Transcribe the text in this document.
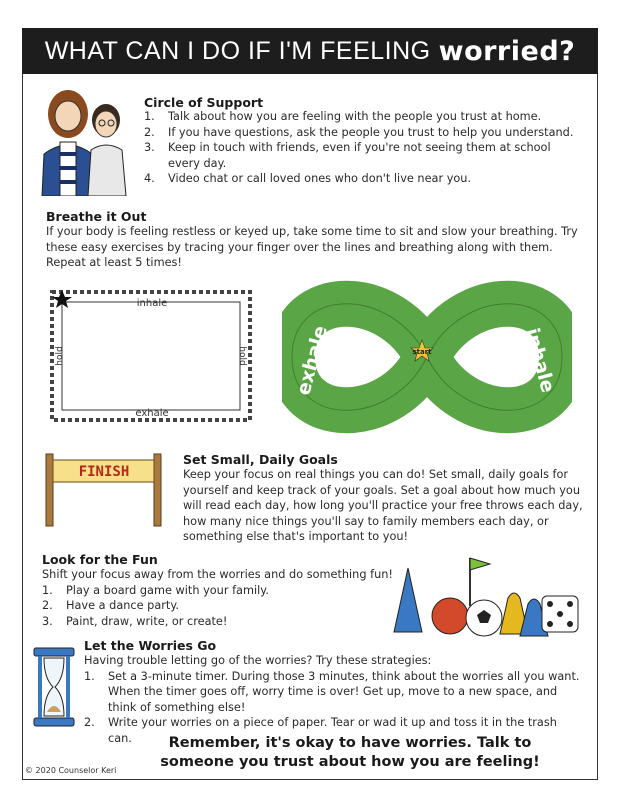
WHAT CAN I DO IF I'M FEELING worried?
Circle of Support
1. Talk about how you are feeling with the people you trust at home.
2. If you have questions, ask the people you trust to help you understand.
3. Keep in touch with friends, even if you're not seeing them at school every day.
4. Video chat or call loved ones who don't live near you.
Breathe it Out
If your body is feeling restless or keyed up, take some time to sit and slow your breathing. Try these easy exercises by tracing your finger over the lines and breathing along with them. Repeat at least 5 times!
inhale
exhale
hold	hold	start
exhale	inhale
FINISH
Set Small, Daily Goals
Keep your focus on real things you can do! Set small, daily goals for yourself and keep track of your goals. Set a goal about how much you will read each day, how long you'll practice your free throws each day, how many nice things you'll say to family members each day, or something else that's important to you!
Look for the Fun
Shift your focus away from the worries and do something fun!
1. Play a board game with your family.
2. Have a dance party.
3. Paint, draw, write, or create!
Let the Worries Go
Having trouble letting go of the worries? Try these strategies:
1. Set a 3-minute timer. During those 3 minutes, think about the worries all you want. When the timer goes off, worry time is over! Get up, move to a new space, and think of something else!
2. Write your worries on a piece of paper. Tear or wad it up and toss it in the trash can.	Remember, it's okay to have worries. Talk to
someone you trust about how you are feeling!
© 2020 Counselor Keri
